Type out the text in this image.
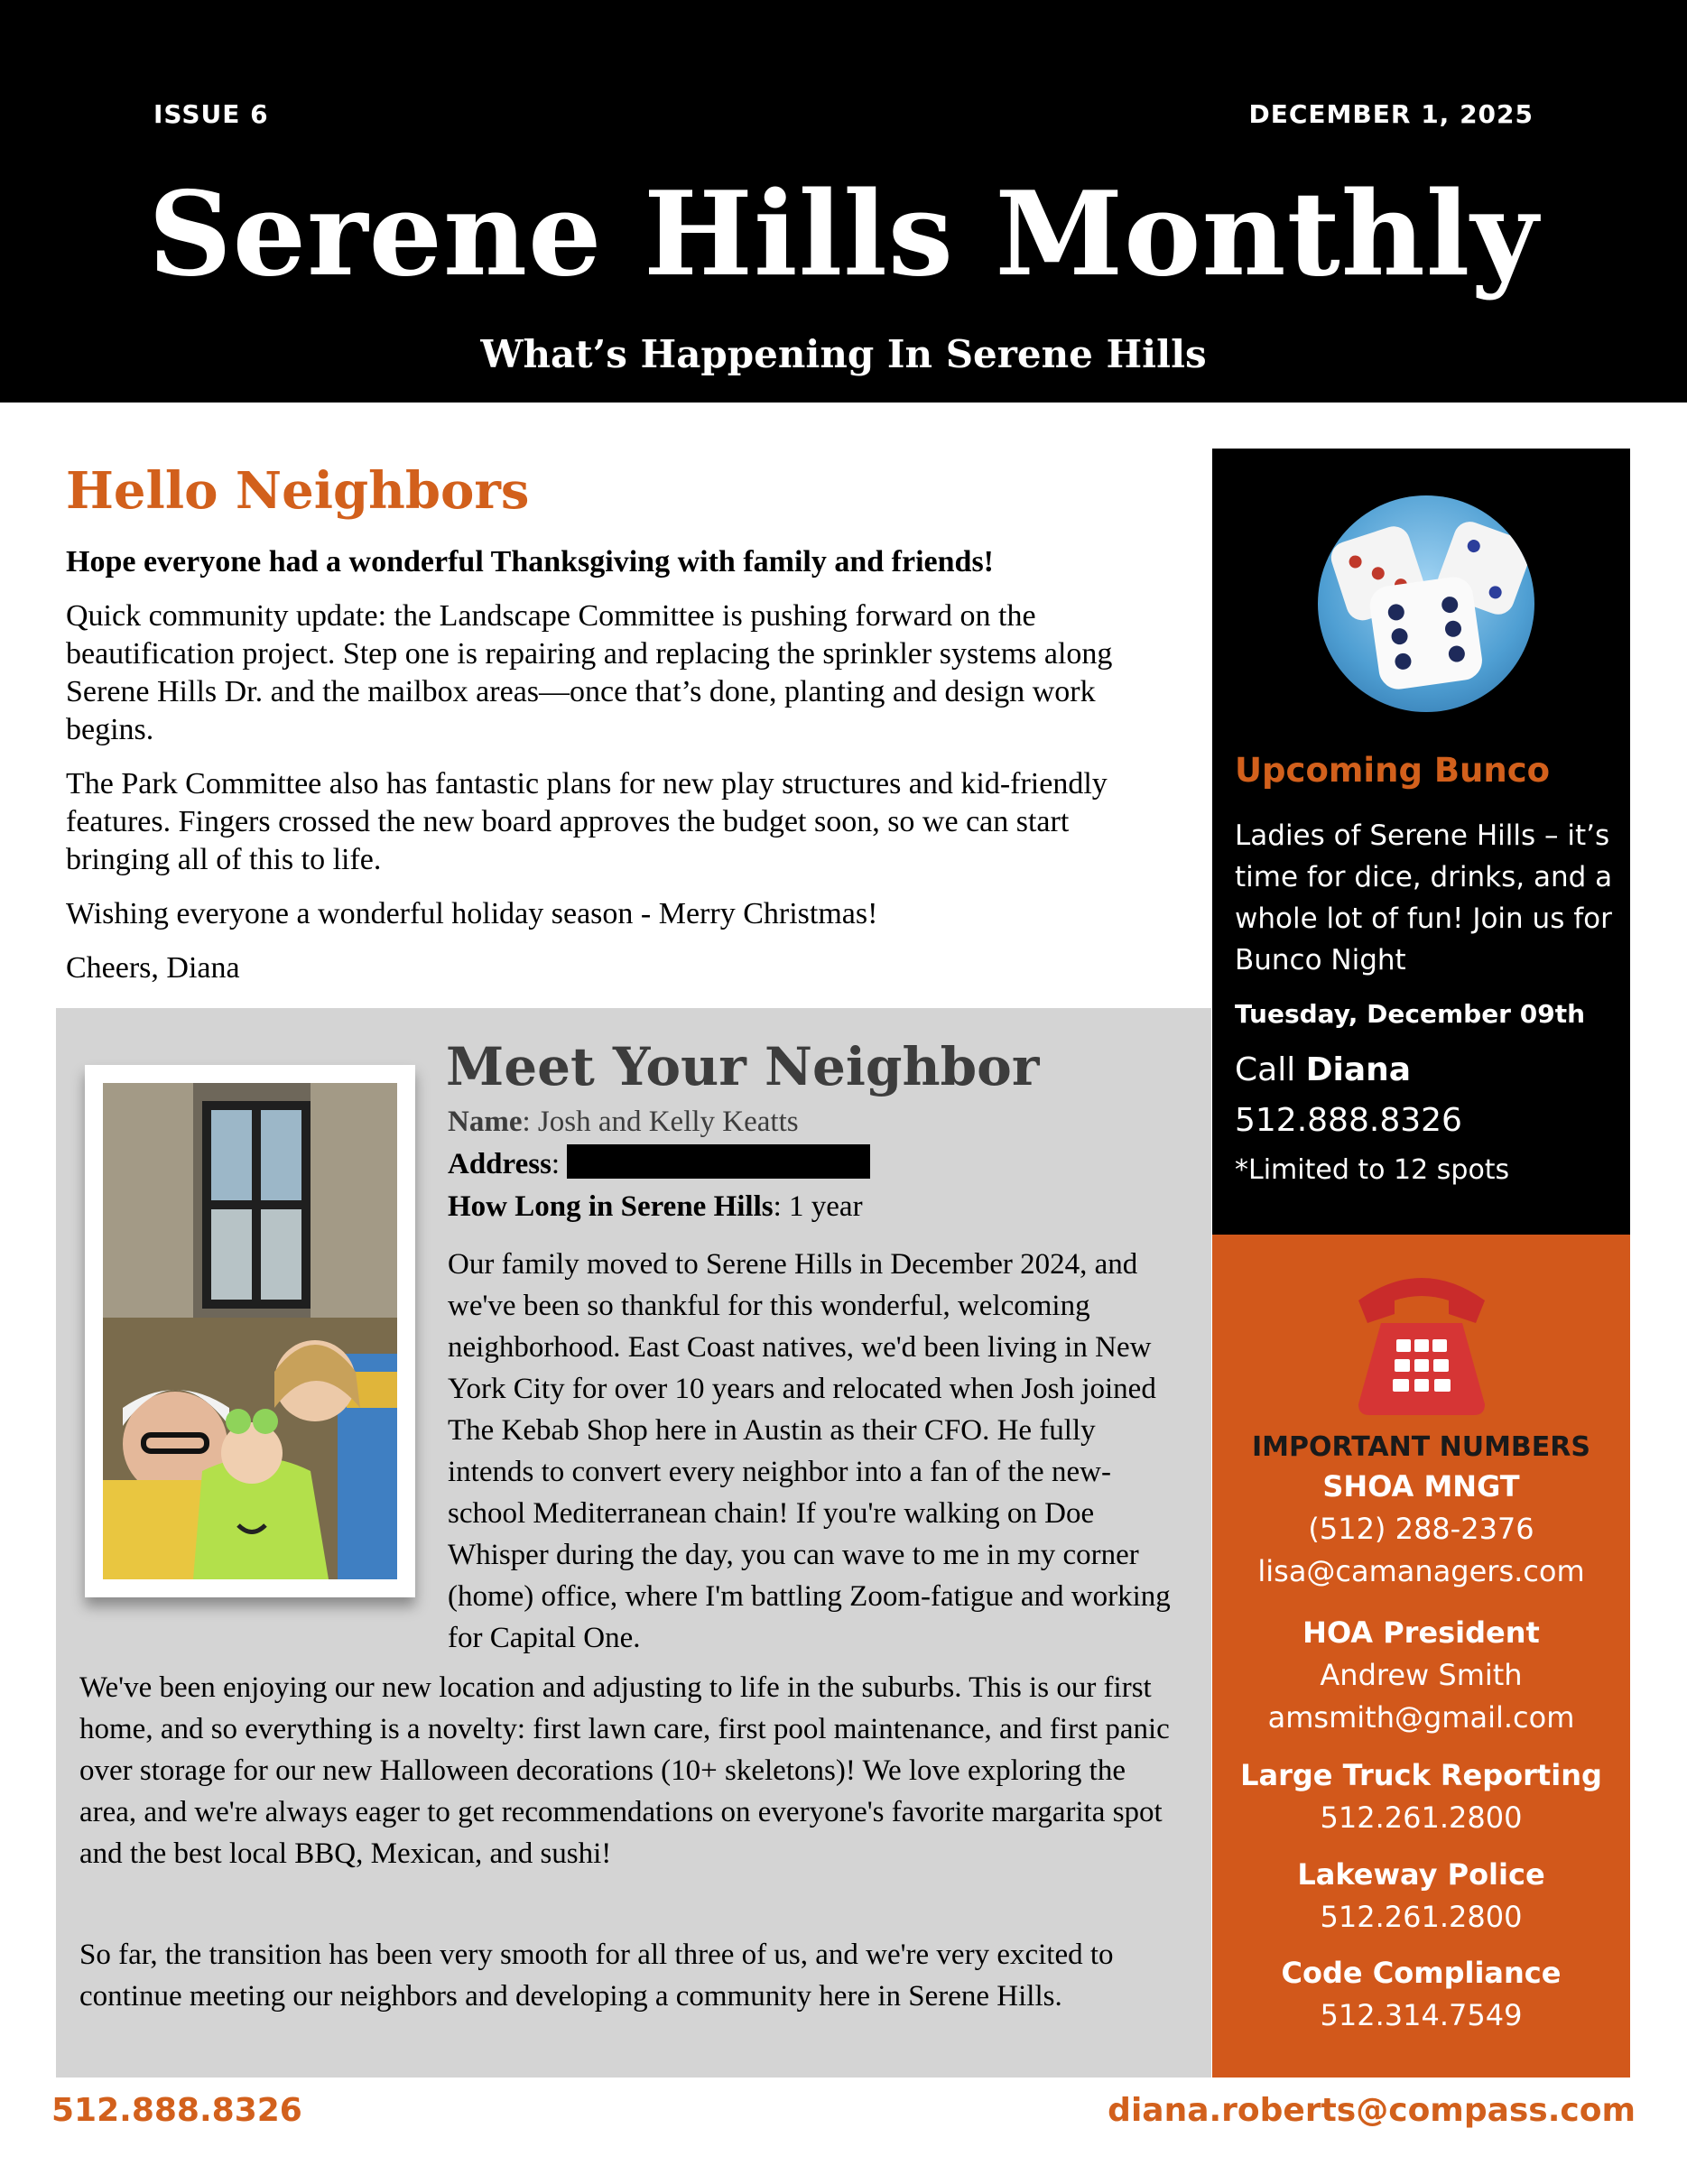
ISSUE 6	DECEMBER 1, 2025
Serene Hills Monthly
What’s Happening In Serene Hills
Hello Neighbors

Hope everyone had a wonderful Thanksgiving with family and friends!

Quick community update: the Landscape Committee is pushing forward on the beautification project. Step one is repairing and replacing the sprinkler systems along Serene Hills Dr. and the mailbox areas—once that’s done, planting and design work begins.

The Park Committee also has fantastic plans for new play structures and kid-friendly features. Fingers crossed the new board approves the budget soon, so we can start bringing all of this to life.

Wishing everyone a wonderful holiday season - Merry Christmas!

Cheers, Diana

Meet Your Neighbor
Name: Josh and Kelly Keatts
Address:
How Long in Serene Hills: 1 year

Our family moved to Serene Hills in December 2024, and we've been so thankful for this wonderful, welcoming neighborhood. East Coast natives, we'd been living in New York City for over 10 years and relocated when Josh joined The Kebab Shop here in Austin as their CFO. He fully intends to convert every neighbor into a fan of the new-school Mediterranean chain! If you're walking on Doe Whisper during the day, you can wave to me in my corner (home) office, where I'm battling Zoom-fatigue and working for Capital One.

We've been enjoying our new location and adjusting to life in the suburbs. This is our first home, and so everything is a novelty: first lawn care, first pool maintenance, and first panic over storage for our new Halloween decorations (10+ skeletons)! We love exploring the area, and we're always eager to get recommendations on everyone's favorite margarita spot and the best local BBQ, Mexican, and sushi!

So far, the transition has been very smooth for all three of us, and we're very excited to continue meeting our neighbors and developing a community here in Serene Hills.

Upcoming Bunco

Ladies of Serene Hills – it’s time for dice, drinks, and a whole lot of fun! Join us for Bunco Night

Tuesday, December 09th
Call Diana
512.888.8326
*Limited to 12 spots
IMPORTANT NUMBERS
SHOA MNGT
(512) 288-2376
lisa@camanagers.com
HOA President
Andrew Smith
amsmith@gmail.com
Large Truck Reporting
512.261.2800
Lakeway Police
512.261.2800
Code Compliance
512.314.7549
512.888.8326	diana.roberts@compass.com
